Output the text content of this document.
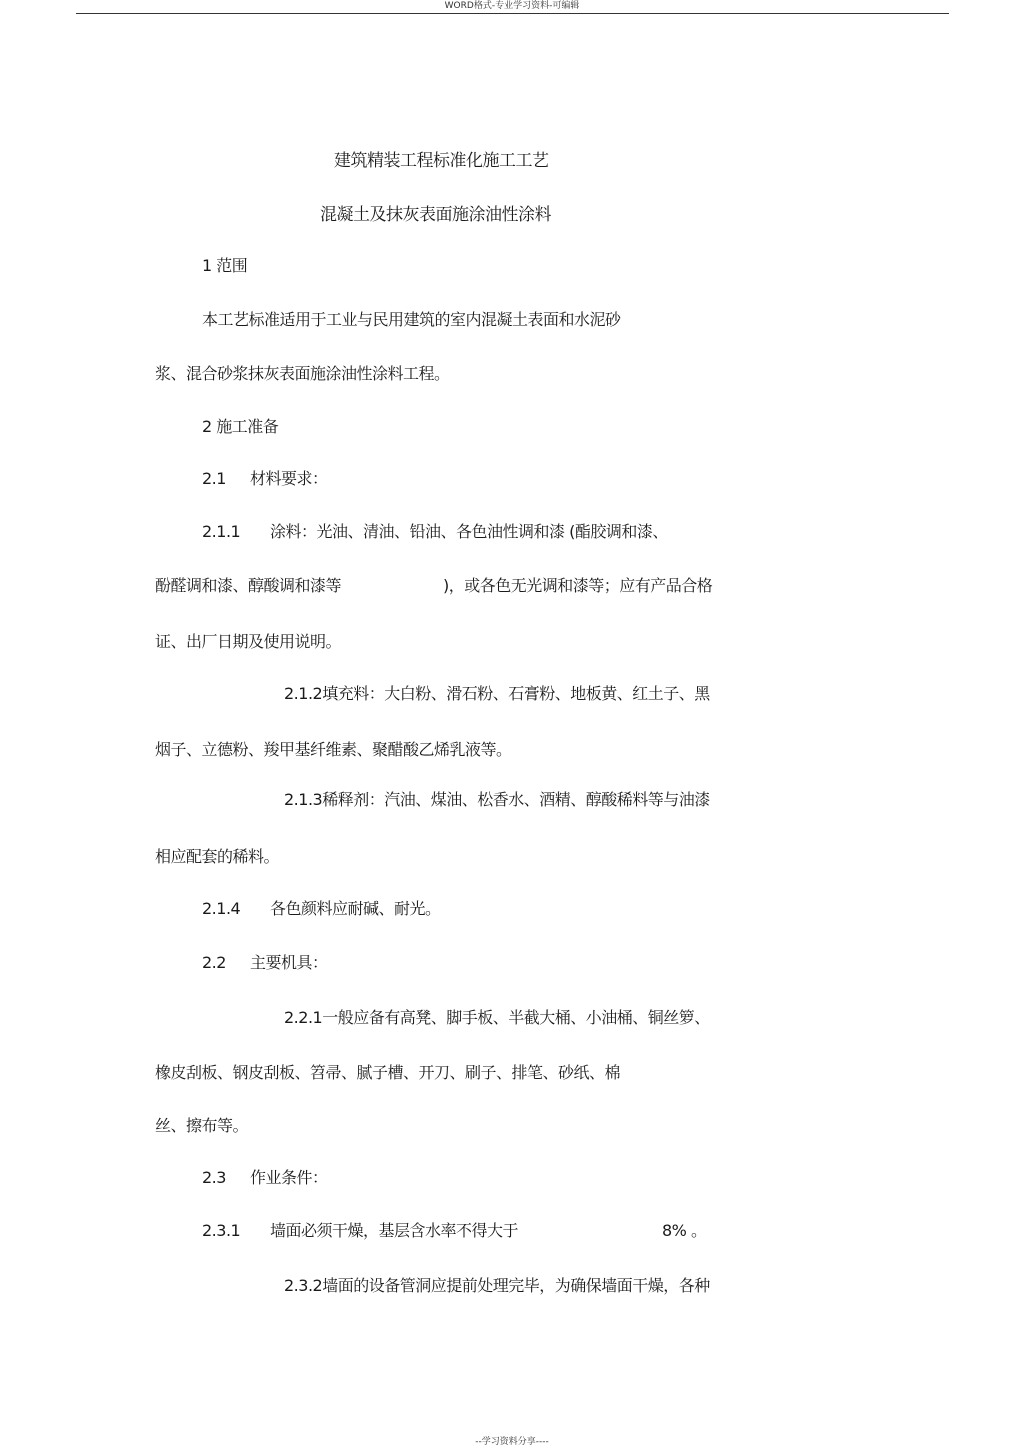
WORD格式-专业学习资料-可编辑
建筑精装工程标准化施工工艺
混凝土及抹灰表面施涂油性涂料
1 范围
本工艺标准适用于工业与民用建筑的室内混凝土表面和水泥砂
浆、混合砂浆抹灰表面施涂油性涂料工程。
2 施工准备
2.1 材料要求：
2.1.1 涂料：光油、清油、铅油、各色油性调和漆 (酯胶调和漆、
酚醛调和漆、醇酸调和漆等	)，或各色无光调和漆等；应有产品合格
证、出厂日期及使用说明。
2.1.2填充料：大白粉、滑石粉、石膏粉、地板黄、红土子、黑
烟子、立德粉、羧甲基纤维素、聚醋酸乙烯乳液等。
2.1.3稀释剂：汽油、煤油、松香水、酒精、醇酸稀料等与油漆
相应配套的稀料。
2.1.4 各色颜料应耐碱、耐光。
2.2 主要机具：
2.2.1一般应备有高凳、脚手板、半截大桶、小油桶、铜丝箩、
橡皮刮板、钢皮刮板、笤帚、腻子槽、开刀、刷子、排笔、砂纸、棉
丝、擦布等。
2.3 作业条件：
2.3.1 墙面必须干燥，基层含水率不得大于	8% 。
2.3.2墙面的设备管洞应提前处理完毕，为确保墙面干燥，各种
--学习资料分享----
